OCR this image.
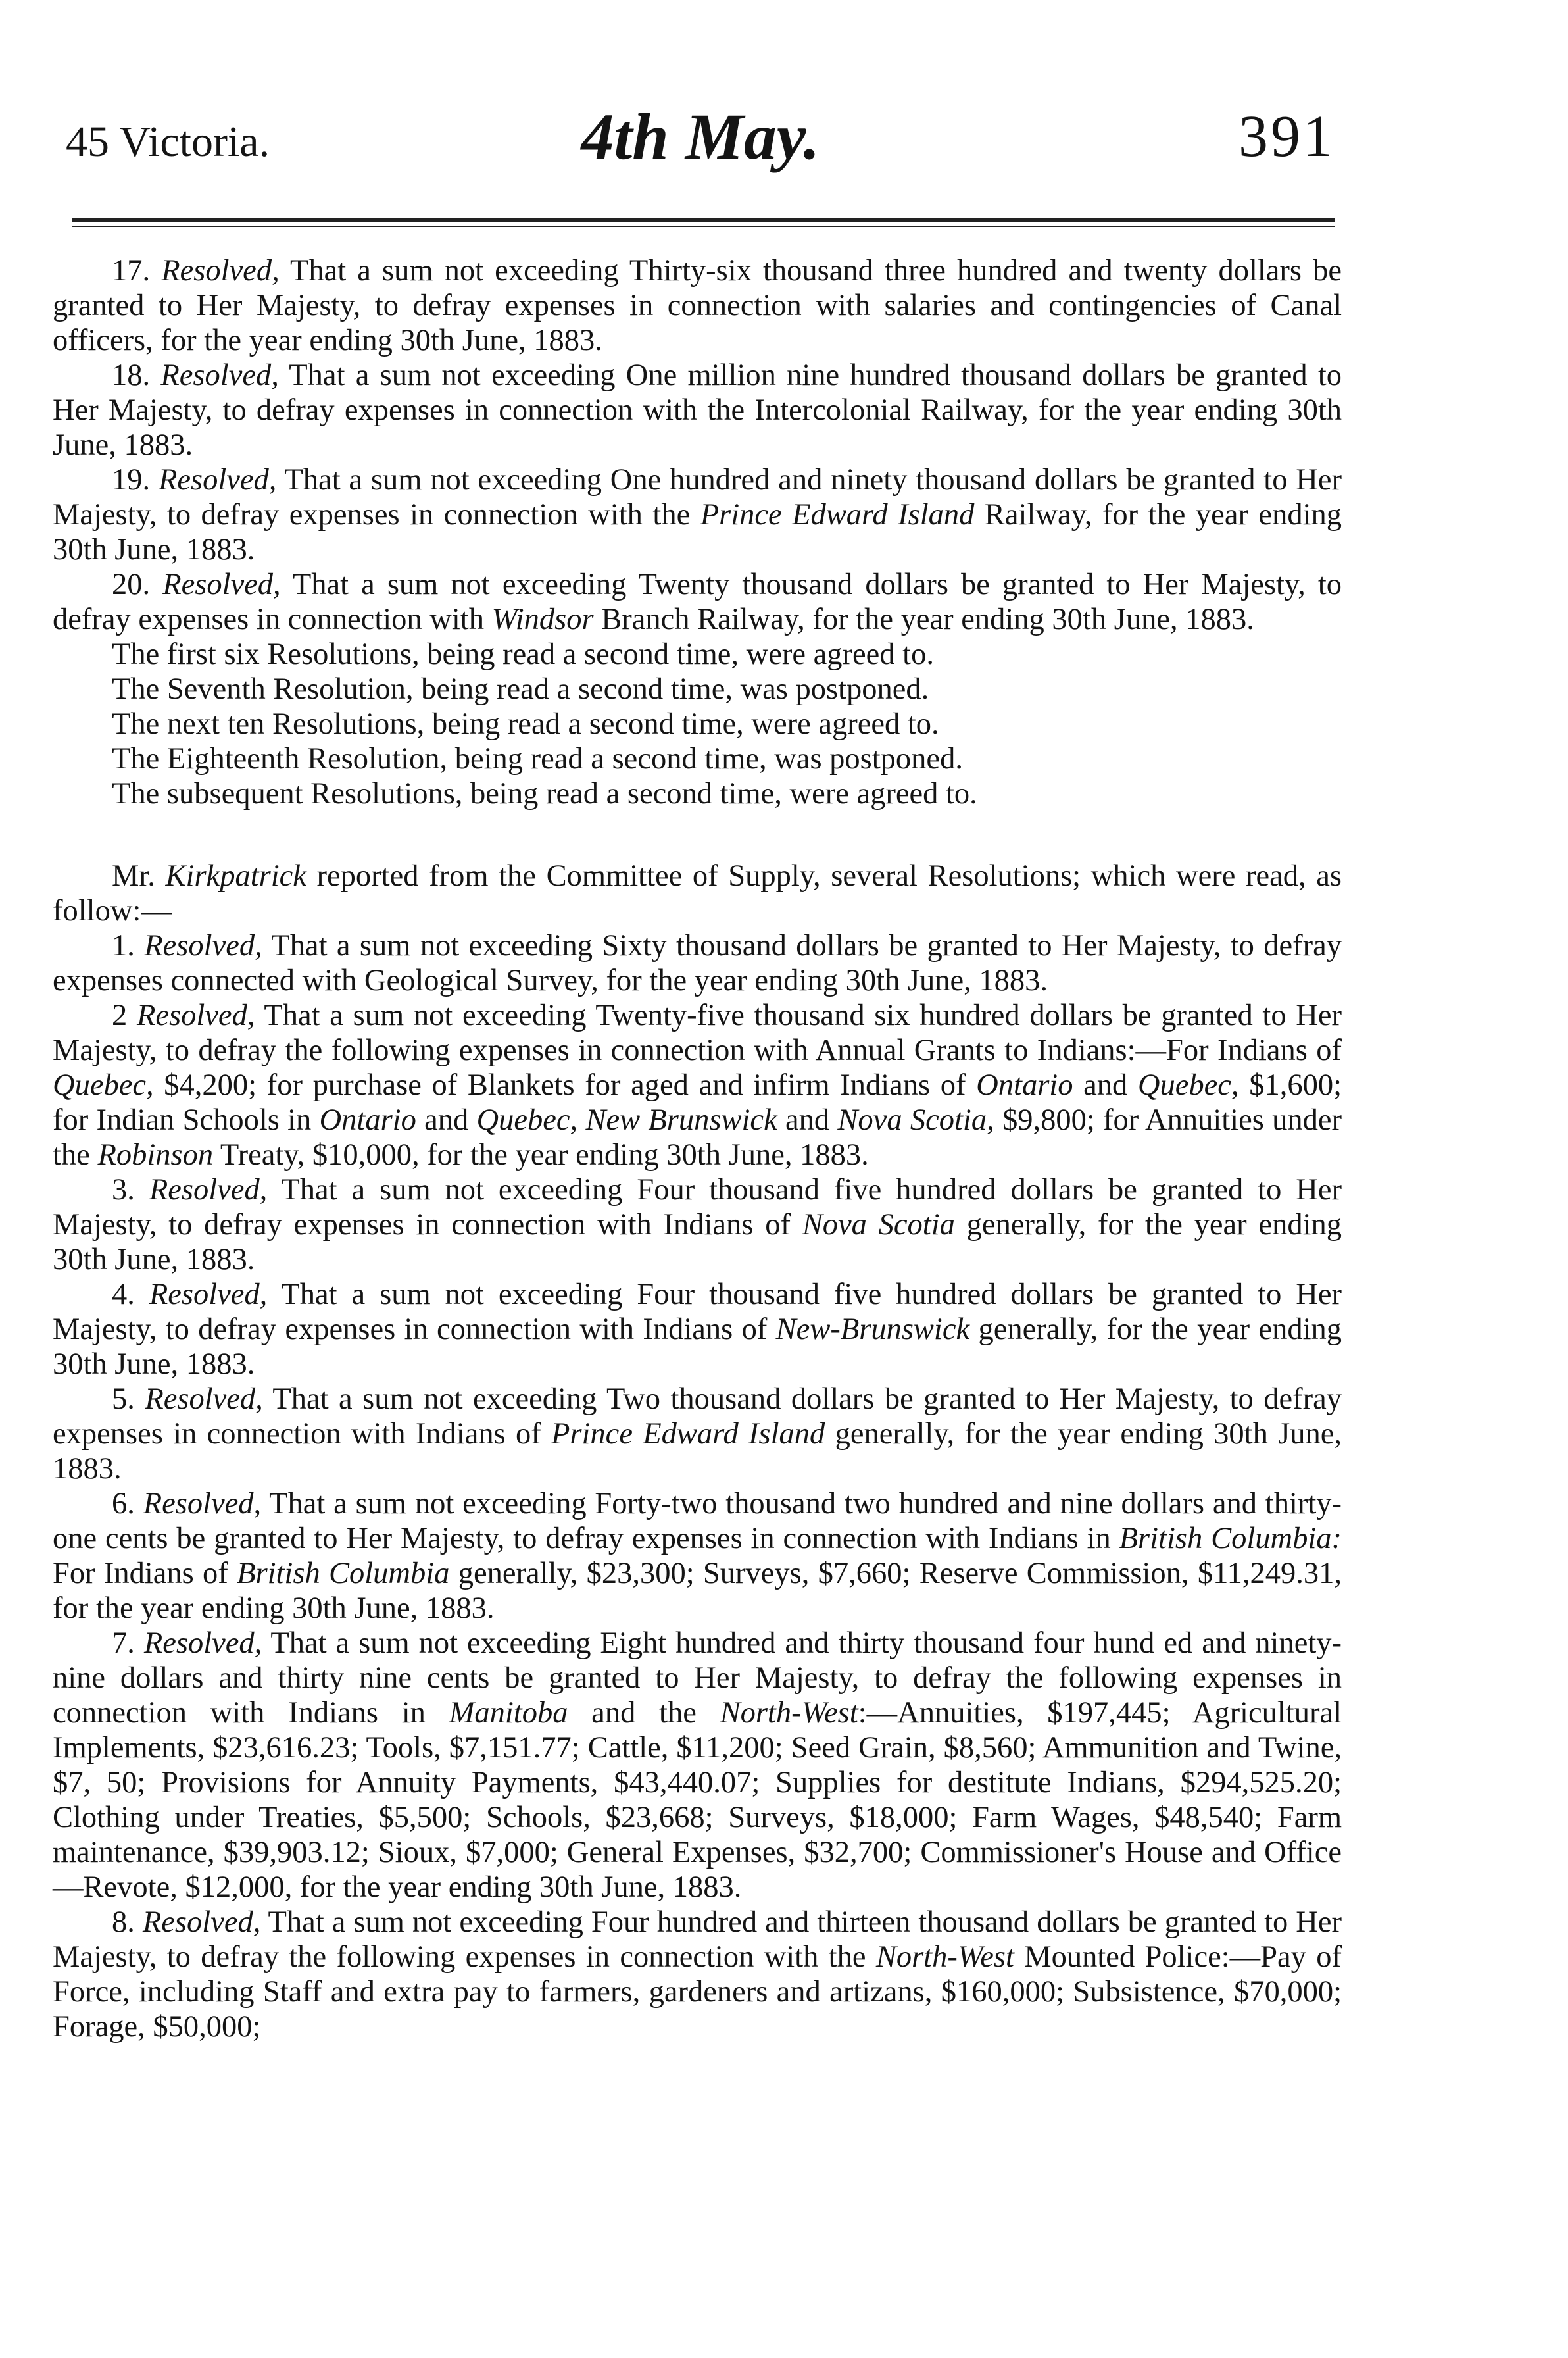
45 Victoria.	4th May.	391

17. Resolved, That a sum not exceeding Thirty-six thousand three hundred and twenty dollars be granted to Her Majesty, to defray expenses in connection with salaries and contingencies of Canal officers, for the year ending 30th June, 1883.

18. Resolved, That a sum not exceeding One million nine hundred thousand dollars be granted to Her Majesty, to defray expenses in connection with the Intercolonial Railway, for the year ending 30th June, 1883.

19. Resolved, That a sum not exceeding One hundred and ninety thousand dollars be granted to Her Majesty, to defray expenses in connection with the Prince Edward Island Railway, for the year ending 30th June, 1883.

20. Resolved, That a sum not exceeding Twenty thousand dollars be granted to Her Majesty, to defray expenses in connection with Windsor Branch Railway, for the year ending 30th June, 1883.

The first six Resolutions, being read a second time, were agreed to.

The Seventh Resolution, being read a second time, was postponed.

The next ten Resolutions, being read a second time, were agreed to.

The Eighteenth Resolution, being read a second time, was postponed.

The subsequent Resolutions, being read a second time, were agreed to.

Mr. Kirkpatrick reported from the Committee of Supply, several Resolutions; which were read, as follow:—

1. Resolved, That a sum not exceeding Sixty thousand dollars be granted to Her Majesty, to defray expenses connected with Geological Survey, for the year ending 30th June, 1883.

2 Resolved, That a sum not exceeding Twenty-five thousand six hundred dollars be granted to Her Majesty, to defray the following expenses in connection with Annual Grants to Indians:—For Indians of Quebec, $4,200; for purchase of Blankets for aged and infirm Indians of Ontario and Quebec, $1,600; for Indian Schools in Ontario and Quebec, New Brunswick and Nova Scotia, $9,800; for Annuities under the Robinson Treaty, $10,000, for the year ending 30th June, 1883.

3. Resolved, That a sum not exceeding Four thousand five hundred dollars be granted to Her Majesty, to defray expenses in connection with Indians of Nova Scotia generally, for the year ending 30th June, 1883.

4. Resolved, That a sum not exceeding Four thousand five hundred dollars be granted to Her Majesty, to defray expenses in connection with Indians of New-Brunswick generally, for the year ending 30th June, 1883.

5. Resolved, That a sum not exceeding Two thousand dollars be granted to Her Majesty, to defray expenses in connection with Indians of Prince Edward Island generally, for the year ending 30th June, 1883.

6. Resolved, That a sum not exceeding Forty-two thousand two hundred and nine dollars and thirty-one cents be granted to Her Majesty, to defray expenses in connection with Indians in British Columbia: For Indians of British Columbia generally, $23,300; Surveys, $7,660; Reserve Commission, $11,249.31, for the year ending 30th June, 1883.

7. Resolved, That a sum not exceeding Eight hundred and thirty thousand four hund ed and ninety-nine dollars and thirty nine cents be granted to Her Majesty, to defray the following expenses in connection with Indians in Manitoba and the North-West:—Annuities, $197,445; Agricultural Implements, $23,616.23; Tools, $7,151.77; Cattle, $11,200; Seed Grain, $8,560; Ammunition and Twine, $7, 50; Provisions for Annuity Payments, $43,440.07; Supplies for destitute Indians, $294,525.20; Clothing under Treaties, $5,500; Schools, $23,668; Surveys, $18,000; Farm Wages, $48,540; Farm maintenance, $39,903.12; Sioux, $7,000; General Expenses, $32,700; Commissioner's House and Office—Revote, $12,000, for the year ending 30th June, 1883.

8. Resolved, That a sum not exceeding Four hundred and thirteen thousand dollars be granted to Her Majesty, to defray the following expenses in connection with the North-West Mounted Police:—Pay of Force, including Staff and extra pay to farmers, gardeners and artizans, $160,000; Subsistence, $70,000; Forage, $50,000;
